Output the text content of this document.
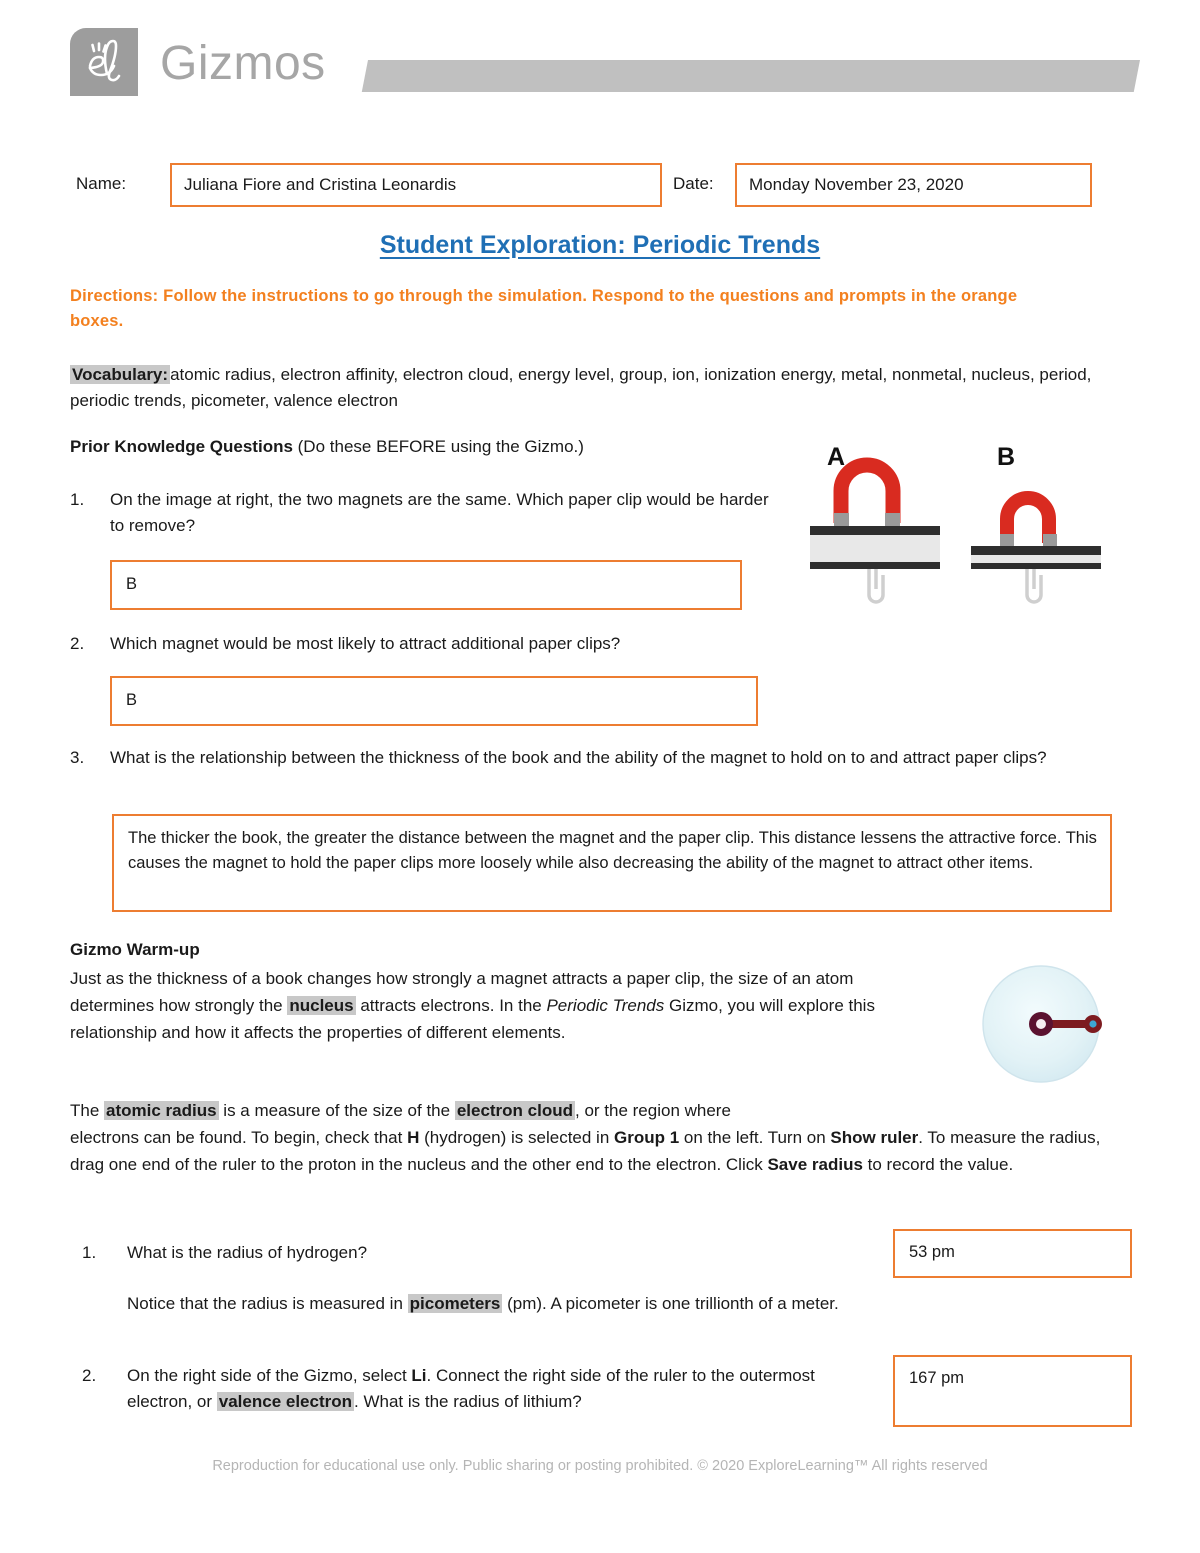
Gizmos
Name:	Juliana Fiore and Cristina Leonardis	Date:	Monday November 23, 2020
Student Exploration: Periodic Trends
Directions: Follow the instructions to go through the simulation. Respond to the questions and prompts in the orange boxes.
Vocabulary: atomic radius, electron affinity, electron cloud, energy level, group, ion, ionization energy, metal, nonmetal, nucleus, period, periodic trends, picometer, valence electron
Prior Knowledge Questions (Do these BEFORE using the Gizmo.)	A	B
1.	On the image at right, the two magnets are the same. Which paper clip would be harder to remove?
B
2.	Which magnet would be most likely to attract additional paper clips?
B
3.	What is the relationship between the thickness of the book and the ability of the magnet to hold on to and attract paper clips?
The thicker the book, the greater the distance between the magnet and the paper clip. This distance lessens the attractive force. This causes the magnet to hold the paper clips more loosely while also decreasing the ability of the magnet to attract other items.
Gizmo Warm-up
Just as the thickness of a book changes how strongly a magnet attracts a paper clip, the size of an atom determines how strongly the nucleus attracts electrons. In the Periodic Trends Gizmo, you will explore this relationship and how it affects the properties of different elements.
The atomic radius is a measure of the size of the electron cloud , or the region where
electrons can be found. To begin, check that H (hydrogen) is selected in Group 1 on the left. Turn on Show ruler. To measure the radius, drag one end of the ruler to the proton in the nucleus and the other end to the electron. Click Save radius to record the value.
1.	What is the radius of hydrogen?	53 pm
Notice that the radius is measured in picometers (pm). A picometer is one trillionth of a meter.
2.	On the right side of the Gizmo, select Li. Connect the right side of the ruler to the outermost electron, or valence electron . What is the radius of lithium?
167 pm
Reproduction for educational use only. Public sharing or posting prohibited. © 2020 ExploreLearning™ All rights reserved
